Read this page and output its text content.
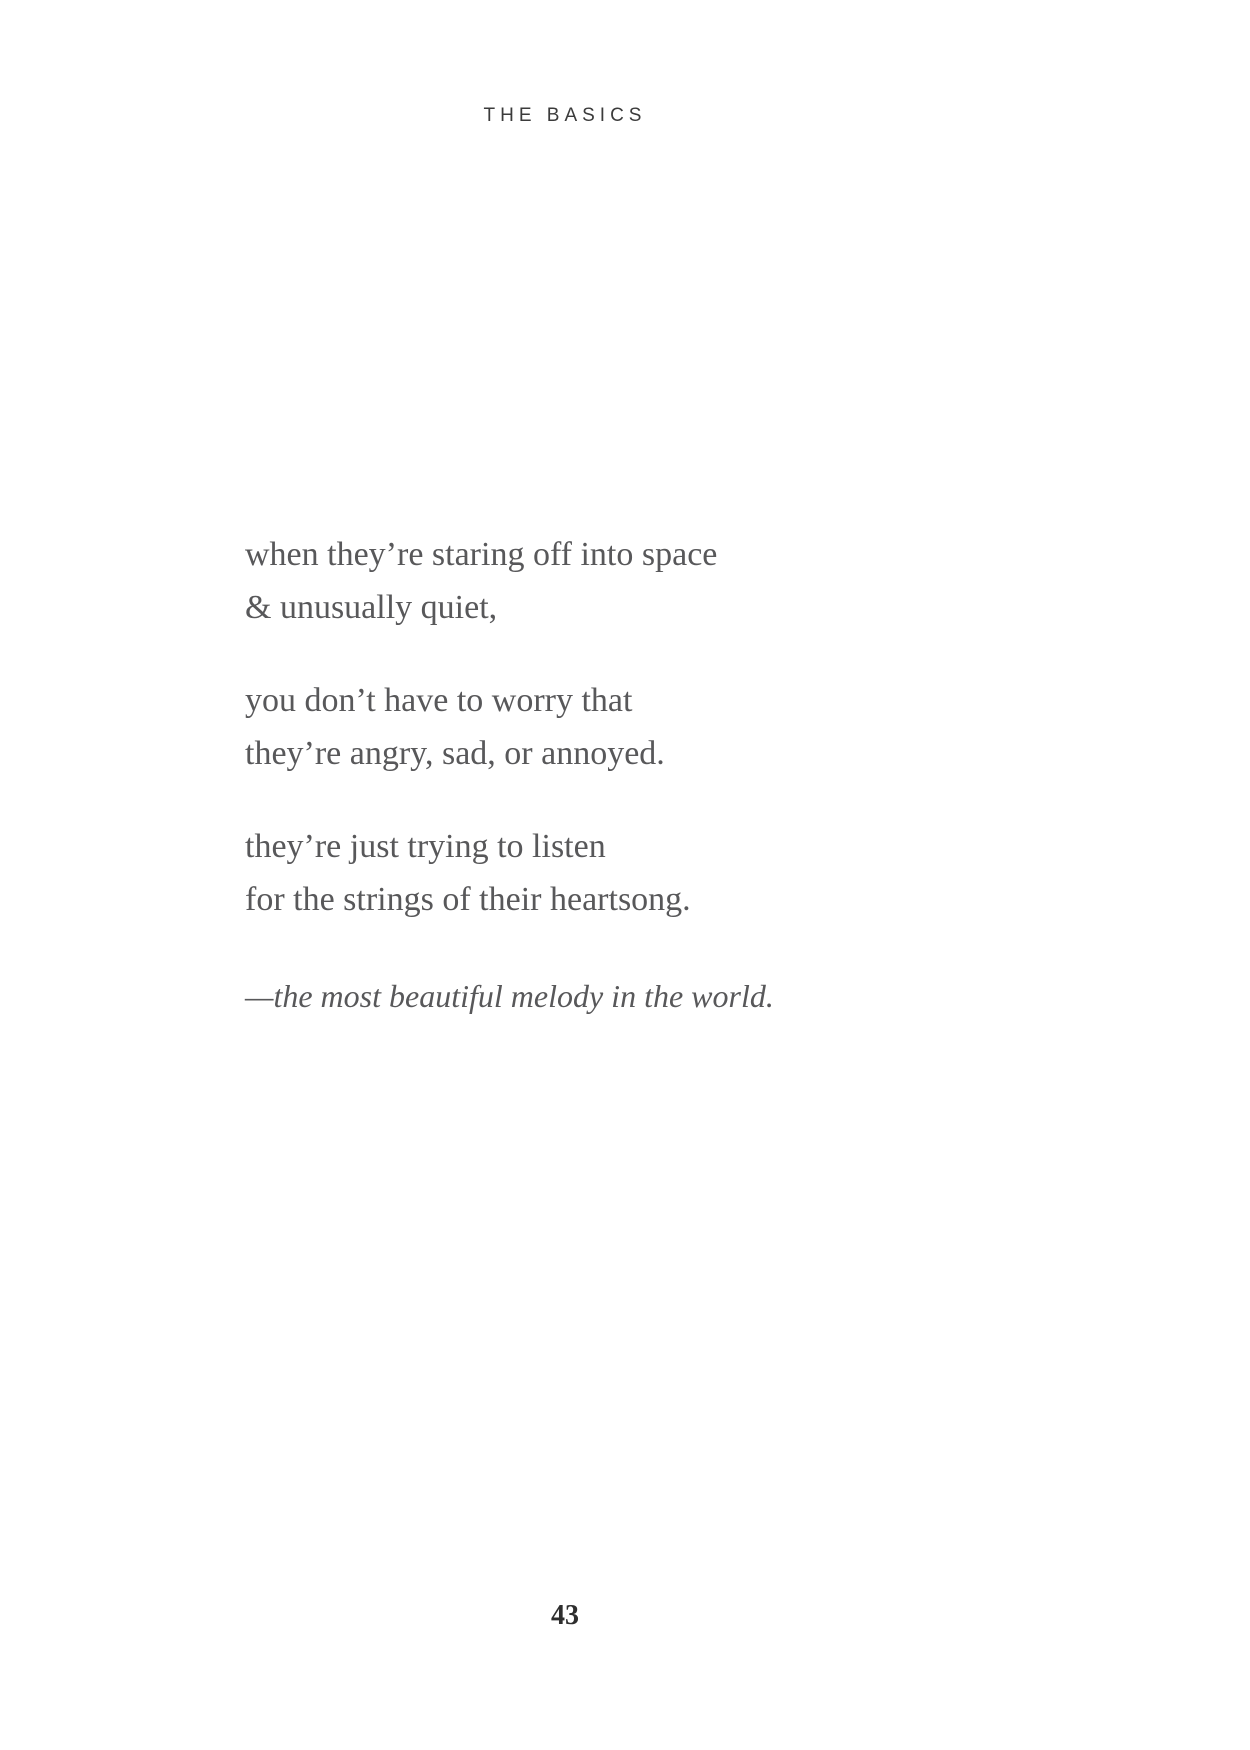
THE BASICS
when they’re staring off into space
& unusually quiet,
you don’t have to worry that
they’re angry, sad, or annoyed.
they’re just trying to listen
for the strings of their heartsong.
—the most beautiful melody in the world.
43
